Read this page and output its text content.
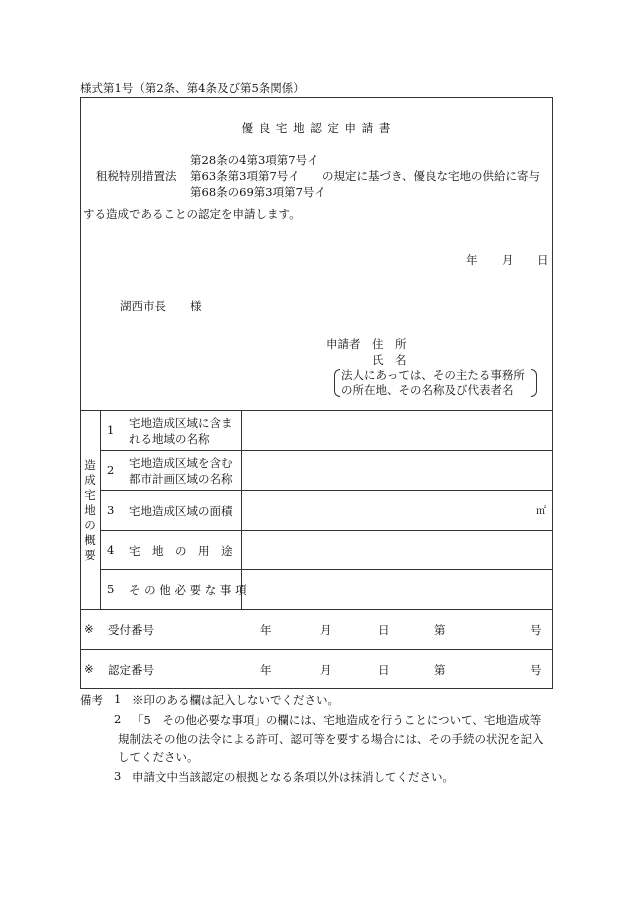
様式第1号（第2条、第4条及び第5条関係）
優 良 宅 地 認 定 申 請 書
租税特別措置法
第28条の4第3項第7号イ
第63条第3項第7号イ
第68条の69第3項第7号イ
の規定に基づき、優良な宅地の供給に寄与
する造成であることの認定を申請します。
年 月 日
湖西市長 様
申請者 住　所
氏　名
法人にあっては、その主たる事務所
の所在地、その名称及び代表者名
造
成
宅
地
の
概
要
1 宅地造成区域に含ま
れる地域の名称
2 宅地造成区域を含む
都市計画区域の名称
3 宅地造成区域の面積	㎡
4 宅　地　の　用　途
5 そ の 他 必 要 な 事 項
※ 受付番号	年	月	日	第	号
※ 認定番号	年	月	日	第	号
備考 1 ※印のある欄は記入しないでください。
2 「5　その他必要な事項」の欄には、宅地造成を行うことについて、宅地造成等
規制法その他の法令による許可、認可等を要する場合には、その手続の状況を記入
してください。
3 申請文中当該認定の根拠となる条項以外は抹消してください。
